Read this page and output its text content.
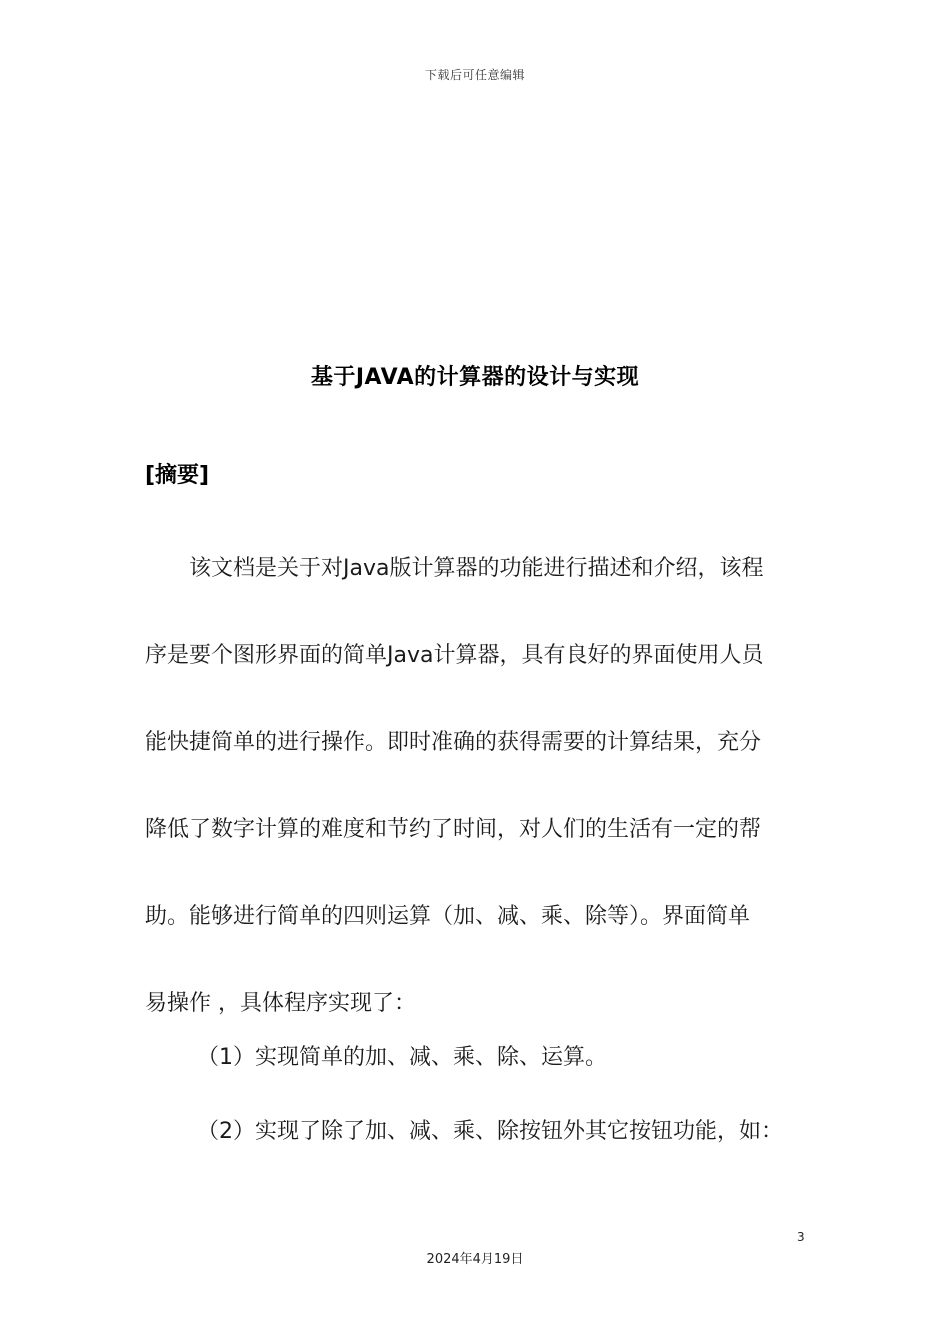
下载后可任意编辑
基于JAVA的计算器的设计与实现
[摘要]

该文档是关于对Java版计算器的功能进行描述和介绍，该程
序是要个图形界面的简单Java计算器，具有良好的界面使用人员
能快捷简单的进行操作。即时准确的获得需要的计算结果，充分
降低了数字计算的难度和节约了时间，对人们的生活有一定的帮
助。能够进行简单的四则运算（加、减、乘、除等）。界面简单
易操作 ，具体程序实现了：

（1）实现简单的加、减、乘、除、运算。
（2）实现了除了加、减、乘、除按钮外其它按钮功能，如：
3
2024年4月19日
